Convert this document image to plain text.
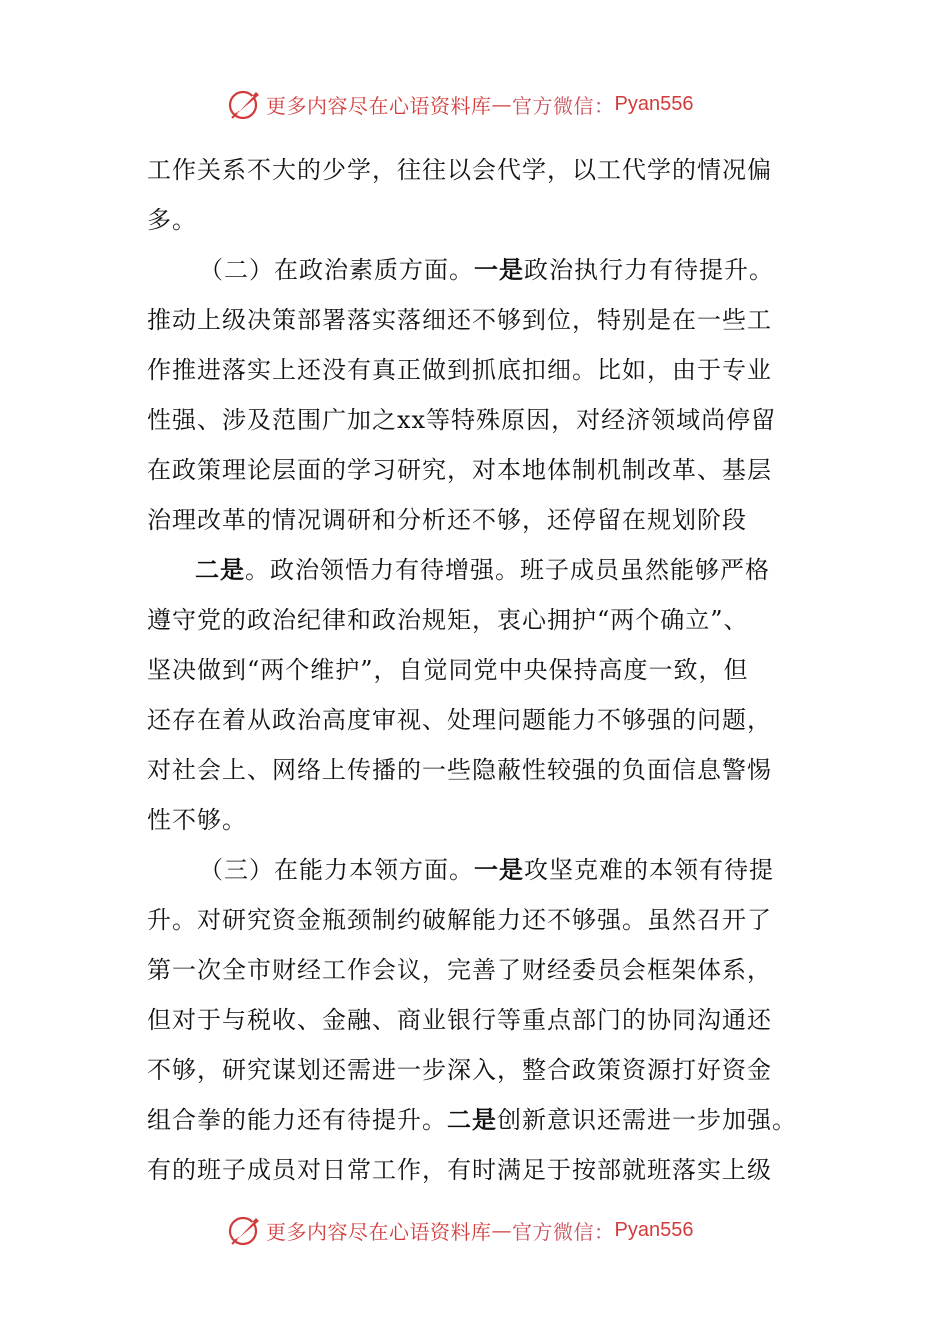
更多内容尽在心语资料库 — 官方微信： Pyan556
工作关系不大的少学，往往以会代学，以工代学的情况偏
多。
（二）在政治素质方面。一是政治执行力有待提升。
推动上级决策部署落实落细还不够到位，特别是在一些工
作推进落实上还没有真正做到抓底扣细。比如，由于专业
性强、涉及范围广加之xx等特殊原因，对经济领域尚停留
在政策理论层面的学习研究，对本地体制机制改革、基层
治理改革的情况调研和分析还不够，还停留在规划阶段
二是。政治领悟力有待增强。班子成员虽然能够严格
遵守党的政治纪律和政治规矩，衷心拥护“两个确立”、
坚决做到“两个维护”，自觉同党中央保持高度一致，但
还存在着从政治高度审视、处理问题能力不够强的问题，
对社会上、网络上传播的一些隐蔽性较强的负面信息警惕
性不够。
（三）在能力本领方面。一是攻坚克难的本领有待提
升。对研究资金瓶颈制约破解能力还不够强。虽然召开了
第一次全市财经工作会议，完善了财经委员会框架体系，
但对于与税收、金融、商业银行等重点部门的协同沟通还
不够，研究谋划还需进一步深入，整合政策资源打好资金
组合拳的能力还有待提升。二是创新意识还需进一步加强。
有的班子成员对日常工作，有时满足于按部就班落实上级
更多内容尽在心语资料库 — 官方微信： Pyan556
